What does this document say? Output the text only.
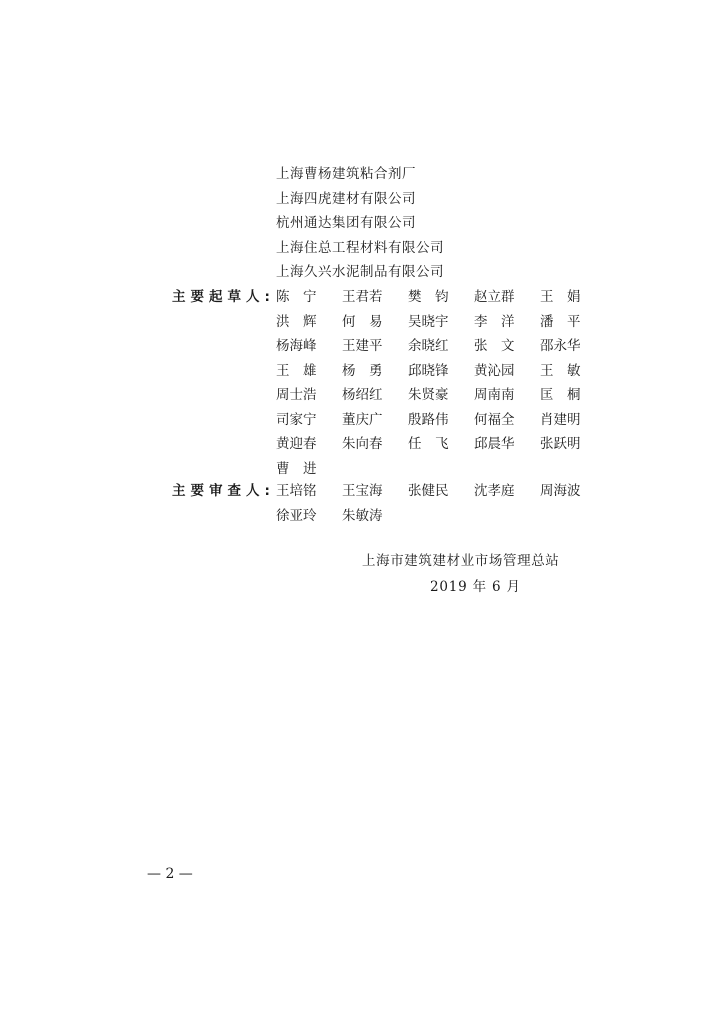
上海曹杨建筑粘合剂厂
上海四虎建材有限公司
杭州通达集团有限公司
上海住总工程材料有限公司
上海久兴水泥制品有限公司
主要起草人: 陈　宁	王君若	樊　钧	赵立群	王　娟
洪　辉	何　易	吴晓宇	李　洋	潘　平
杨海峰	王建平	余晓红	张　文	邵永华
王　雄	杨　勇	邱晓锋	黄沁园	王　敏
周士浩	杨绍红	朱贤豪	周南南	匡　桐
司家宁	董庆广	殷路伟	何福全	肖建明
黄迎春	朱向春	任　飞	邱晨华	张跃明
曹　进
主要审查人: 王培铭	王宝海	张健民	沈孝庭	周海波
徐亚玲	朱敏涛
上海市建筑建材业市场管理总站
2019 年 6 月
— 2 —
